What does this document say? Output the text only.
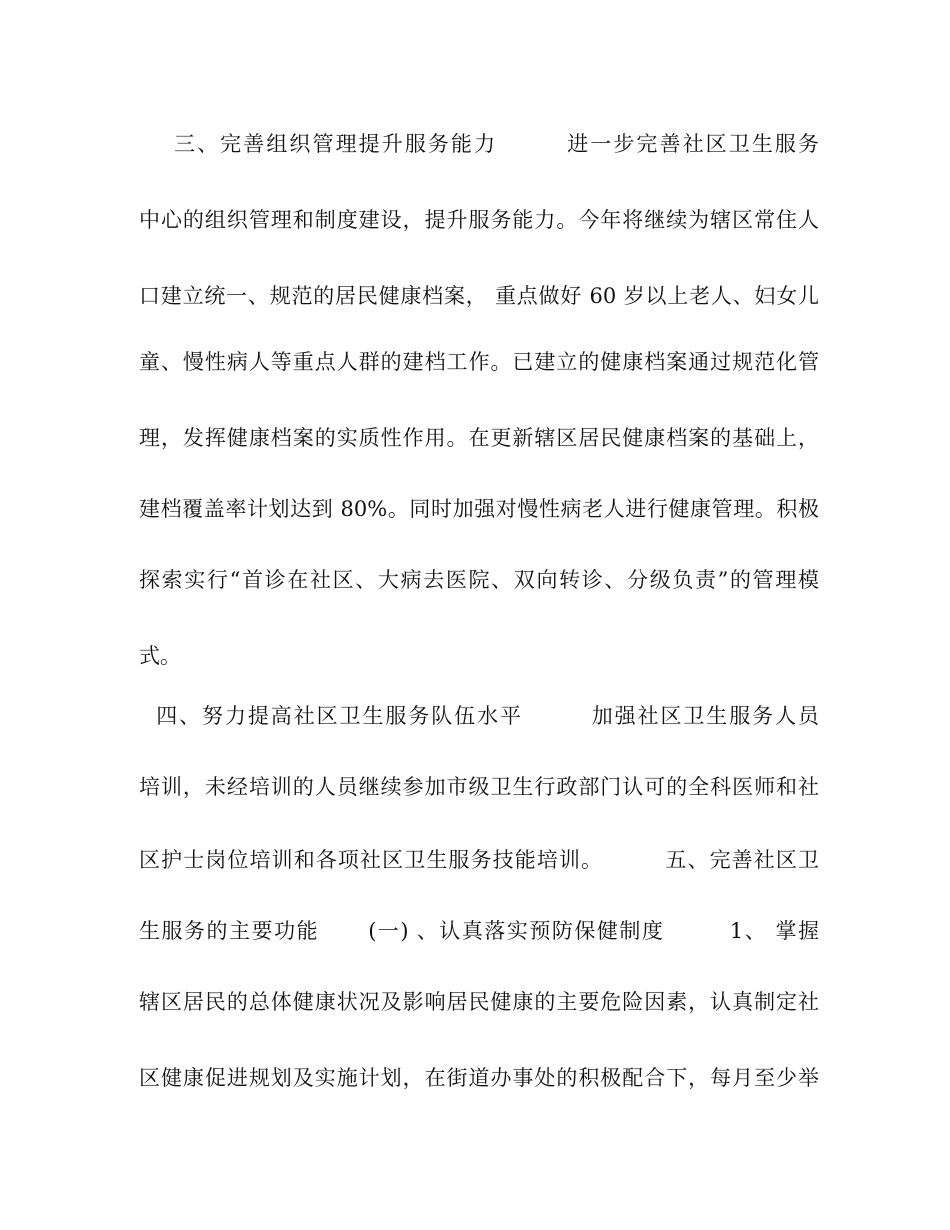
三、完善组织管理提升服务能力        进一步完善社区卫生服务
中心的组织管理和制度建设，提升服务能力。今年将继续为辖区常住人
口建立统一、规范的居民健康档案， 重点做好 60 岁以上老人、妇女儿
童、慢性病人等重点人群的建档工作。已建立的健康档案通过规范化管
理，发挥健康档案的实质性作用。在更新辖区居民健康档案的基础上，
建档覆盖率计划达到 80%。同时加强对慢性病老人进行健康管理。积极
探索实行“首诊在社区、大病去医院、双向转诊、分级负责”的管理模
式。
四、努力提高社区卫生服务队伍水平        加强社区卫生服务人员
培训，未经培训的人员继续参加市级卫生行政部门认可的全科医师和社
区护士岗位培训和各项社区卫生服务技能培训。        五、完善社区卫
生服务的主要功能      (一) 、认真落实预防保健制度        1、 掌握
辖区居民的总体健康状况及影响居民健康的主要危险因素，认真制定社
区健康促进规划及实施计划，在街道办事处的积极配合下，每月至少举
